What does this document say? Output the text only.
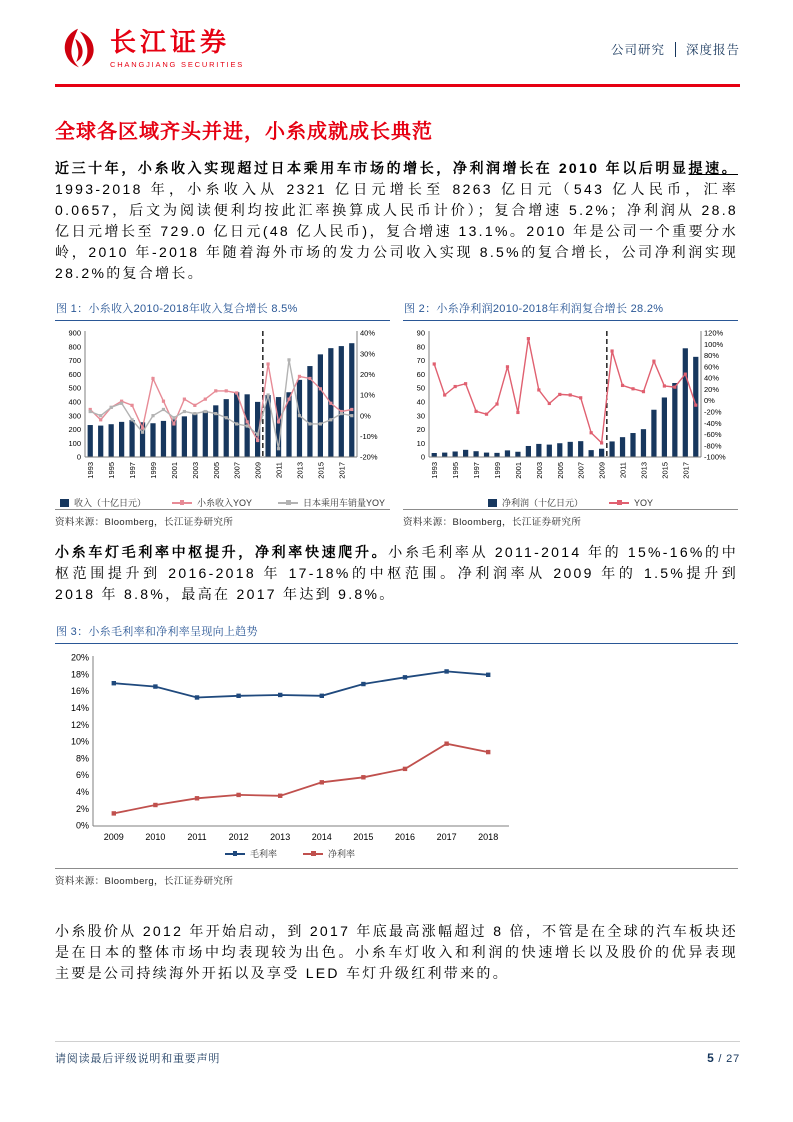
长江证券
CHANGJIANG SECURITIES
公司研究 深度报告
全球各区域齐头并进，小糸成就成长典范

近三十年，小糸收入实现超过日本乘用车市场的增长，净利润增长在 2010 年以后明显提速。1993-2018 年，小糸收入从 2321 亿日元增长至 8263 亿日元（543 亿人民币，汇率 0.0657，后文为阅读便利均按此汇率换算成人民币计价）；复合增速 5.2%；净利润从 28.8 亿日元增长至 729.0 亿日元(48 亿人民币)，复合增速 13.1%。2010 年是公司一个重要分水岭，2010 年-2018 年随着海外市场的发力公司收入实现 8.5%的复合增长，公司净利润实现 28.2%的复合增长。

图 1：小糸收入2010-2018年收入复合增长 8.5%
0
100
200
300
400
500
600
700
800
900
-20%
-10%
0%
10%
20%
30%
40%
1993 1995 1997 1999 2001 2003 2005 2007 2009 2011 2013 2015 2017
收入（十亿日元）	小糸收入YOY	日本乘用车销量YOY
资料来源：Bloomberg，长江证券研究所
图 2：小糸净利润2010-2018年利润复合增长 28.2%
0
10
20
30
40
50
60
70
80
90
-100%
-80%
-60%
-40%
-20%
0%
20%
40%
60%
80%
100%
120%
1993 1995 1997 1999 2001 2003 2005 2007 2009 2011 2013 2015 2017
净利润（十亿日元）	YOY
资料来源：Bloomberg，长江证券研究所

小糸车灯毛利率中枢提升，净利率快速爬升。小糸毛利率从 2011-2014 年的 15%-16%的中枢范围提升到 2016-2018 年 17-18%的中枢范围。净利润率从 2009 年的 1.5%提升到 2018 年 8.8%，最高在 2017 年达到 9.8%。

图 3：小糸毛利率和净利率呈现向上趋势
0%
2%
4%
6%
8%
10%
12%
14%
16%
18%
20%
2009 2010 2011 2012 2013 2014 2015 2016 2017 2018
毛利率	净利率
资料来源：Bloomberg，长江证券研究所

小糸股价从 2012 年开始启动，到 2017 年底最高涨幅超过 8 倍，不管是在全球的汽车板块还是在日本的整体市场中均表现较为出色。小糸车灯收入和利润的快速增长以及股价的优异表现主要是公司持续海外开拓以及享受 LED 车灯升级红利带来的。

请阅读最后评级说明和重要声明	5 / 27
